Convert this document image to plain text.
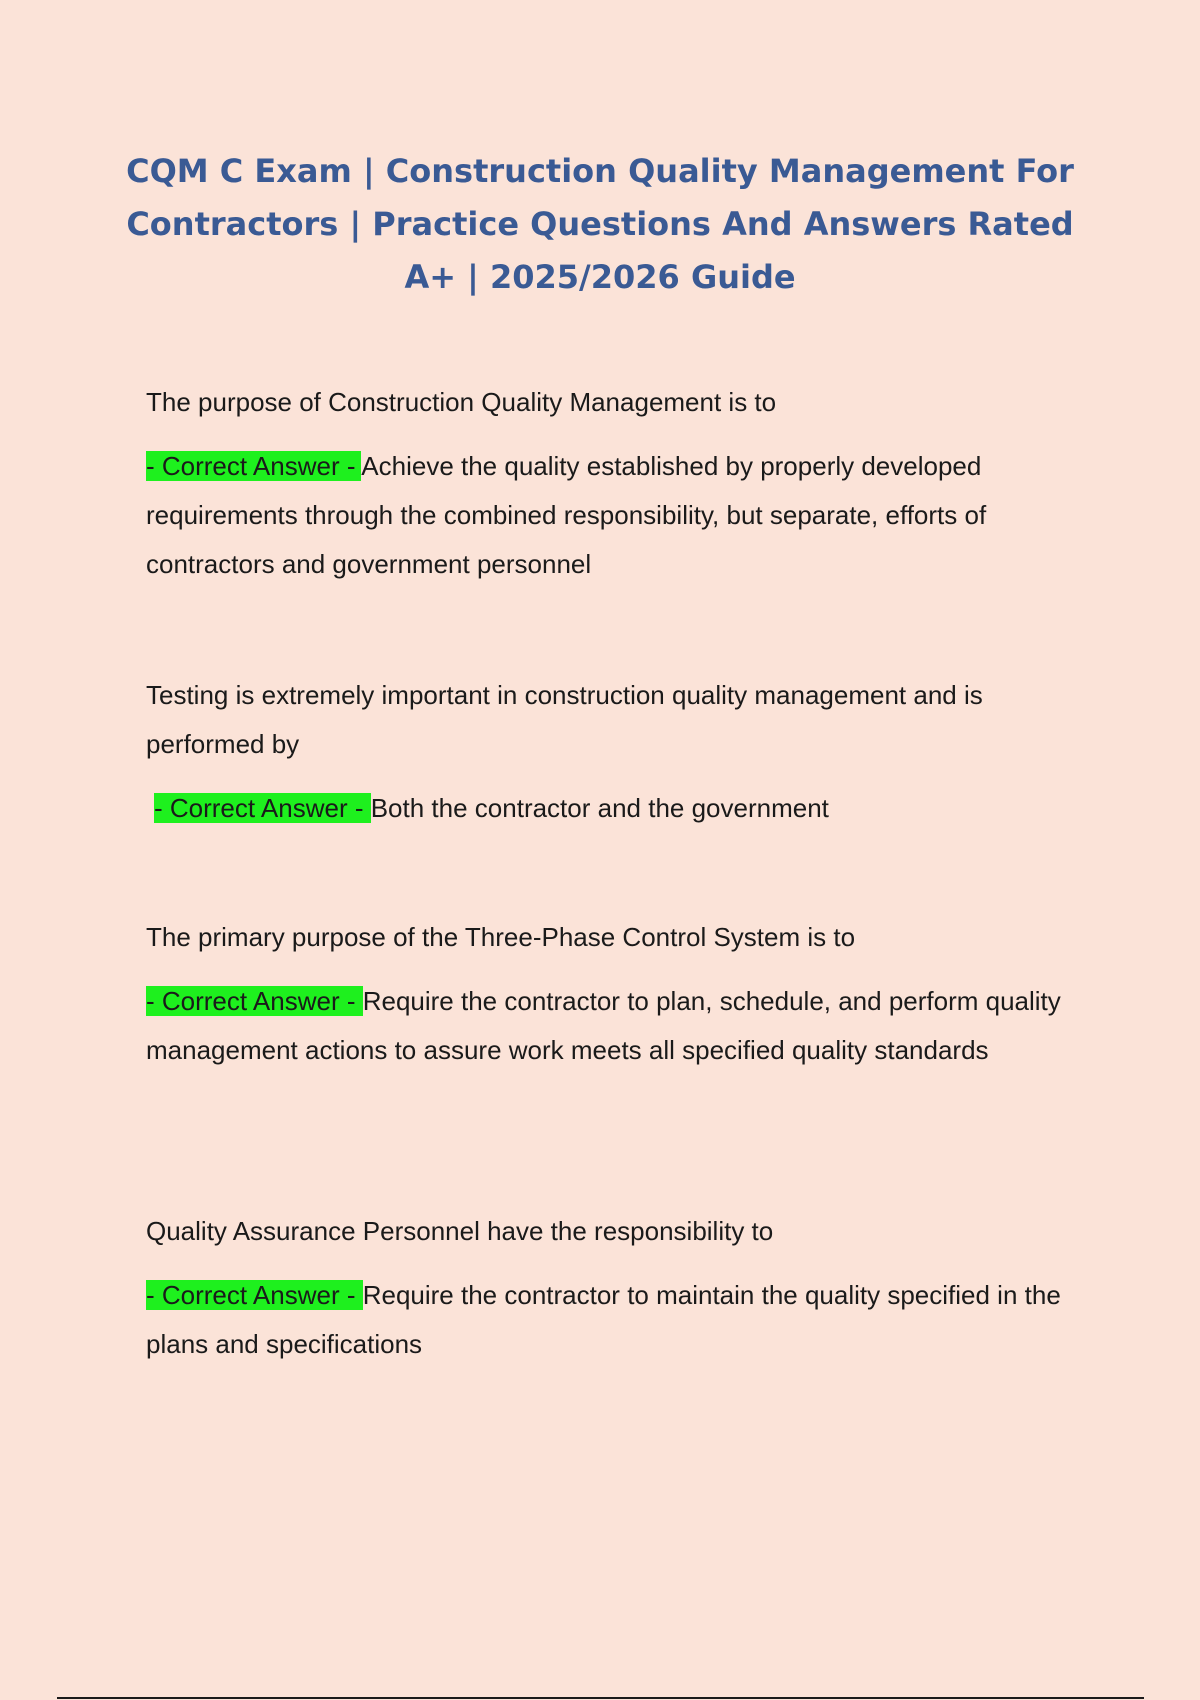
CQM C Exam | Construction Quality Management For Contractors | Practice Questions And Answers Rated A+ | 2025/2026 Guide

The purpose of Construction Quality Management is to

- Correct Answer - Achieve the quality established by properly developed requirements through the combined responsibility, but separate, efforts of contractors and government personnel

Testing is extremely important in construction quality management and is performed by

- Correct Answer - Both the contractor and the government

The primary purpose of the Three-Phase Control System is to

- Correct Answer - Require the contractor to plan, schedule, and perform quality management actions to assure work meets all specified quality standards

Quality Assurance Personnel have the responsibility to

- Correct Answer - Require the contractor to maintain the quality specified in the plans and specifications
